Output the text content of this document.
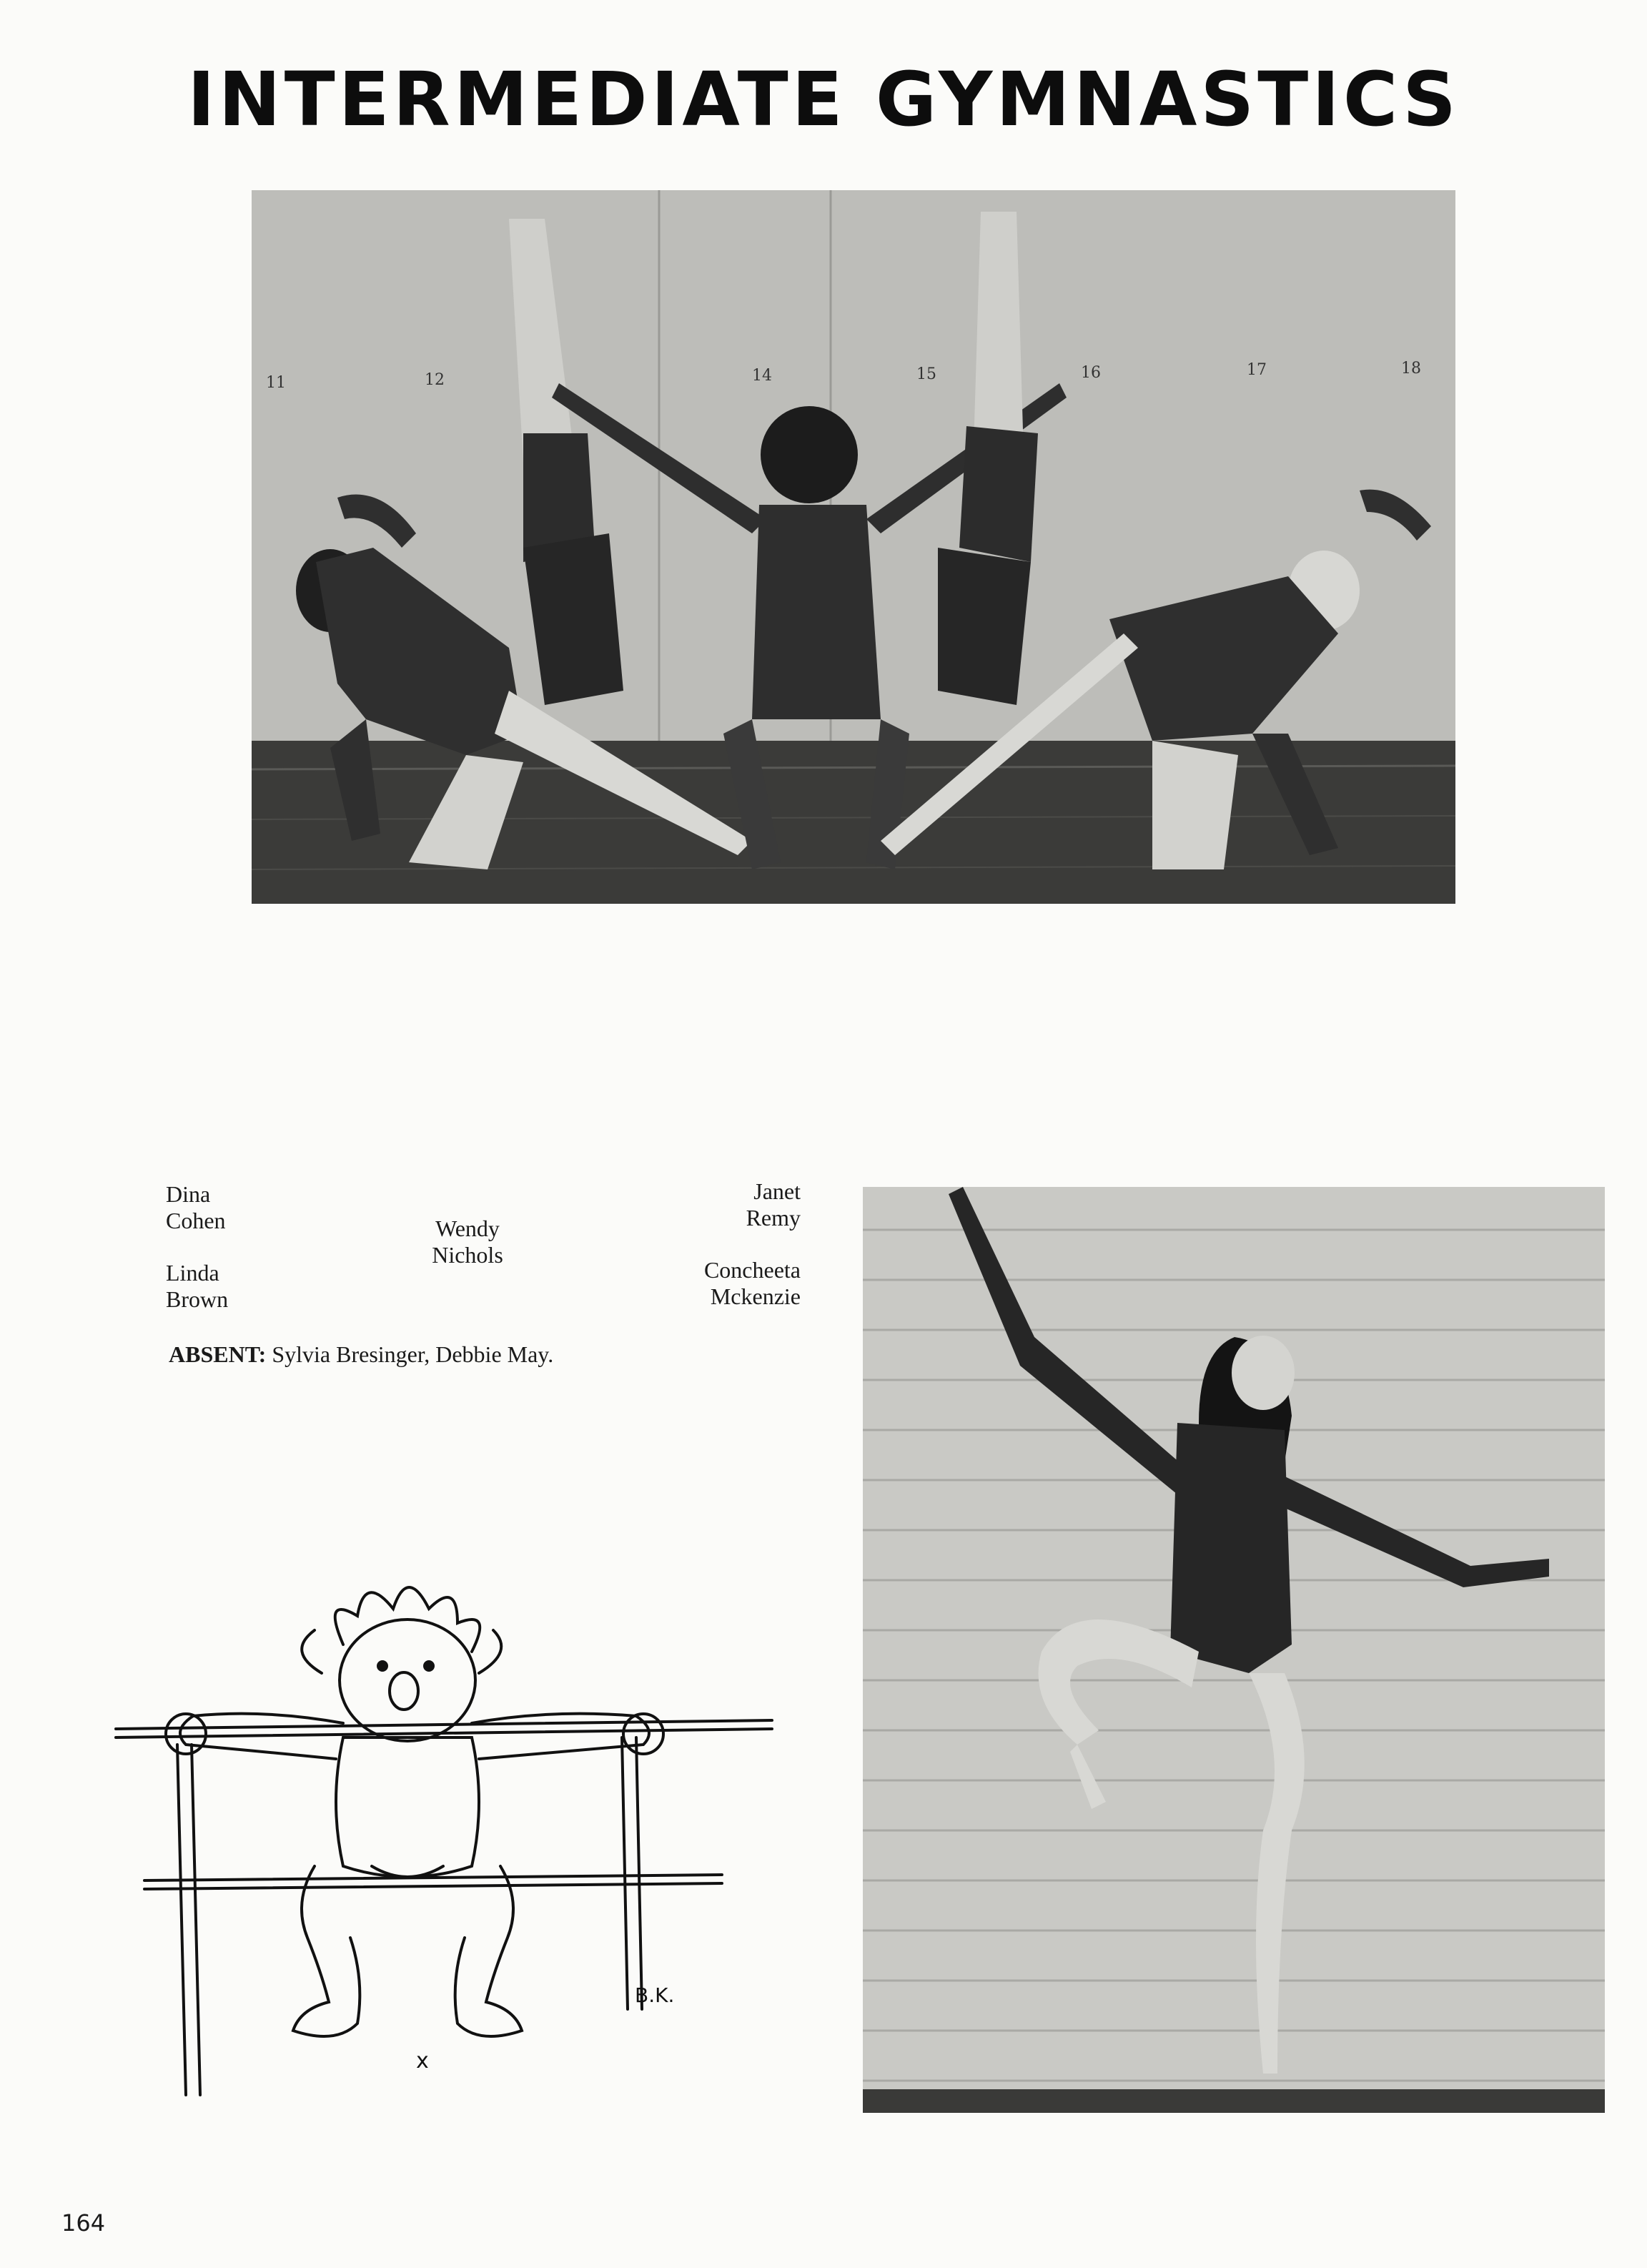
INTERMEDIATE GYMNASTICS
11	12	14	15	16	17	18
Dina
Cohen
Linda
Brown
Wendy
Nichols
Janet
Remy
Concheeta
Mckenzie
ABSENT: Sylvia Bresinger, Debbie May.
B.K.
x
164
